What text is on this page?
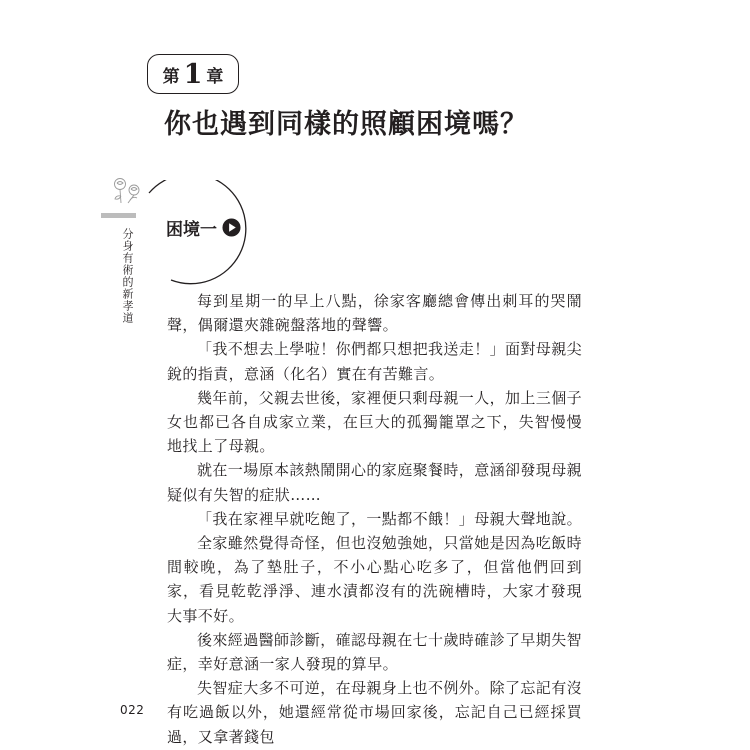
第 1 章
你也遇到同樣的照顧困境嗎？
分身有術的新孝道 困境一

每到星期一的早上八點，徐家客廳總會傳出刺耳的哭鬧聲，偶爾還夾雜碗盤落地的聲響。

「我不想去上學啦！你們都只想把我送走！」面對母親尖銳的指責，意涵（化名）實在有苦難言。

幾年前，父親去世後，家裡便只剩母親一人，加上三個子女也都已各自成家立業，在巨大的孤獨籠罩之下，失智慢慢地找上了母親。

就在一場原本該熱鬧開心的家庭聚餐時，意涵卻發現母親疑似有失智的症狀……

「我在家裡早就吃飽了，一點都不餓！」母親大聲地說。

全家雖然覺得奇怪，但也沒勉強她，只當她是因為吃飯時間較晚，為了墊肚子，不小心點心吃多了，但當他們回到家，看見乾乾淨淨、連水漬都沒有的洗碗槽時，大家才發現大事不好。

後來經過醫師診斷，確認母親在七十歲時確診了早期失智症，幸好意涵一家人發現的算早。

失智症大多不可逆，在母親身上也不例外。除了忘記有沒有吃過飯以外，她還經常從市場回家後，忘記自己已經採買過，又拿著錢包

022
